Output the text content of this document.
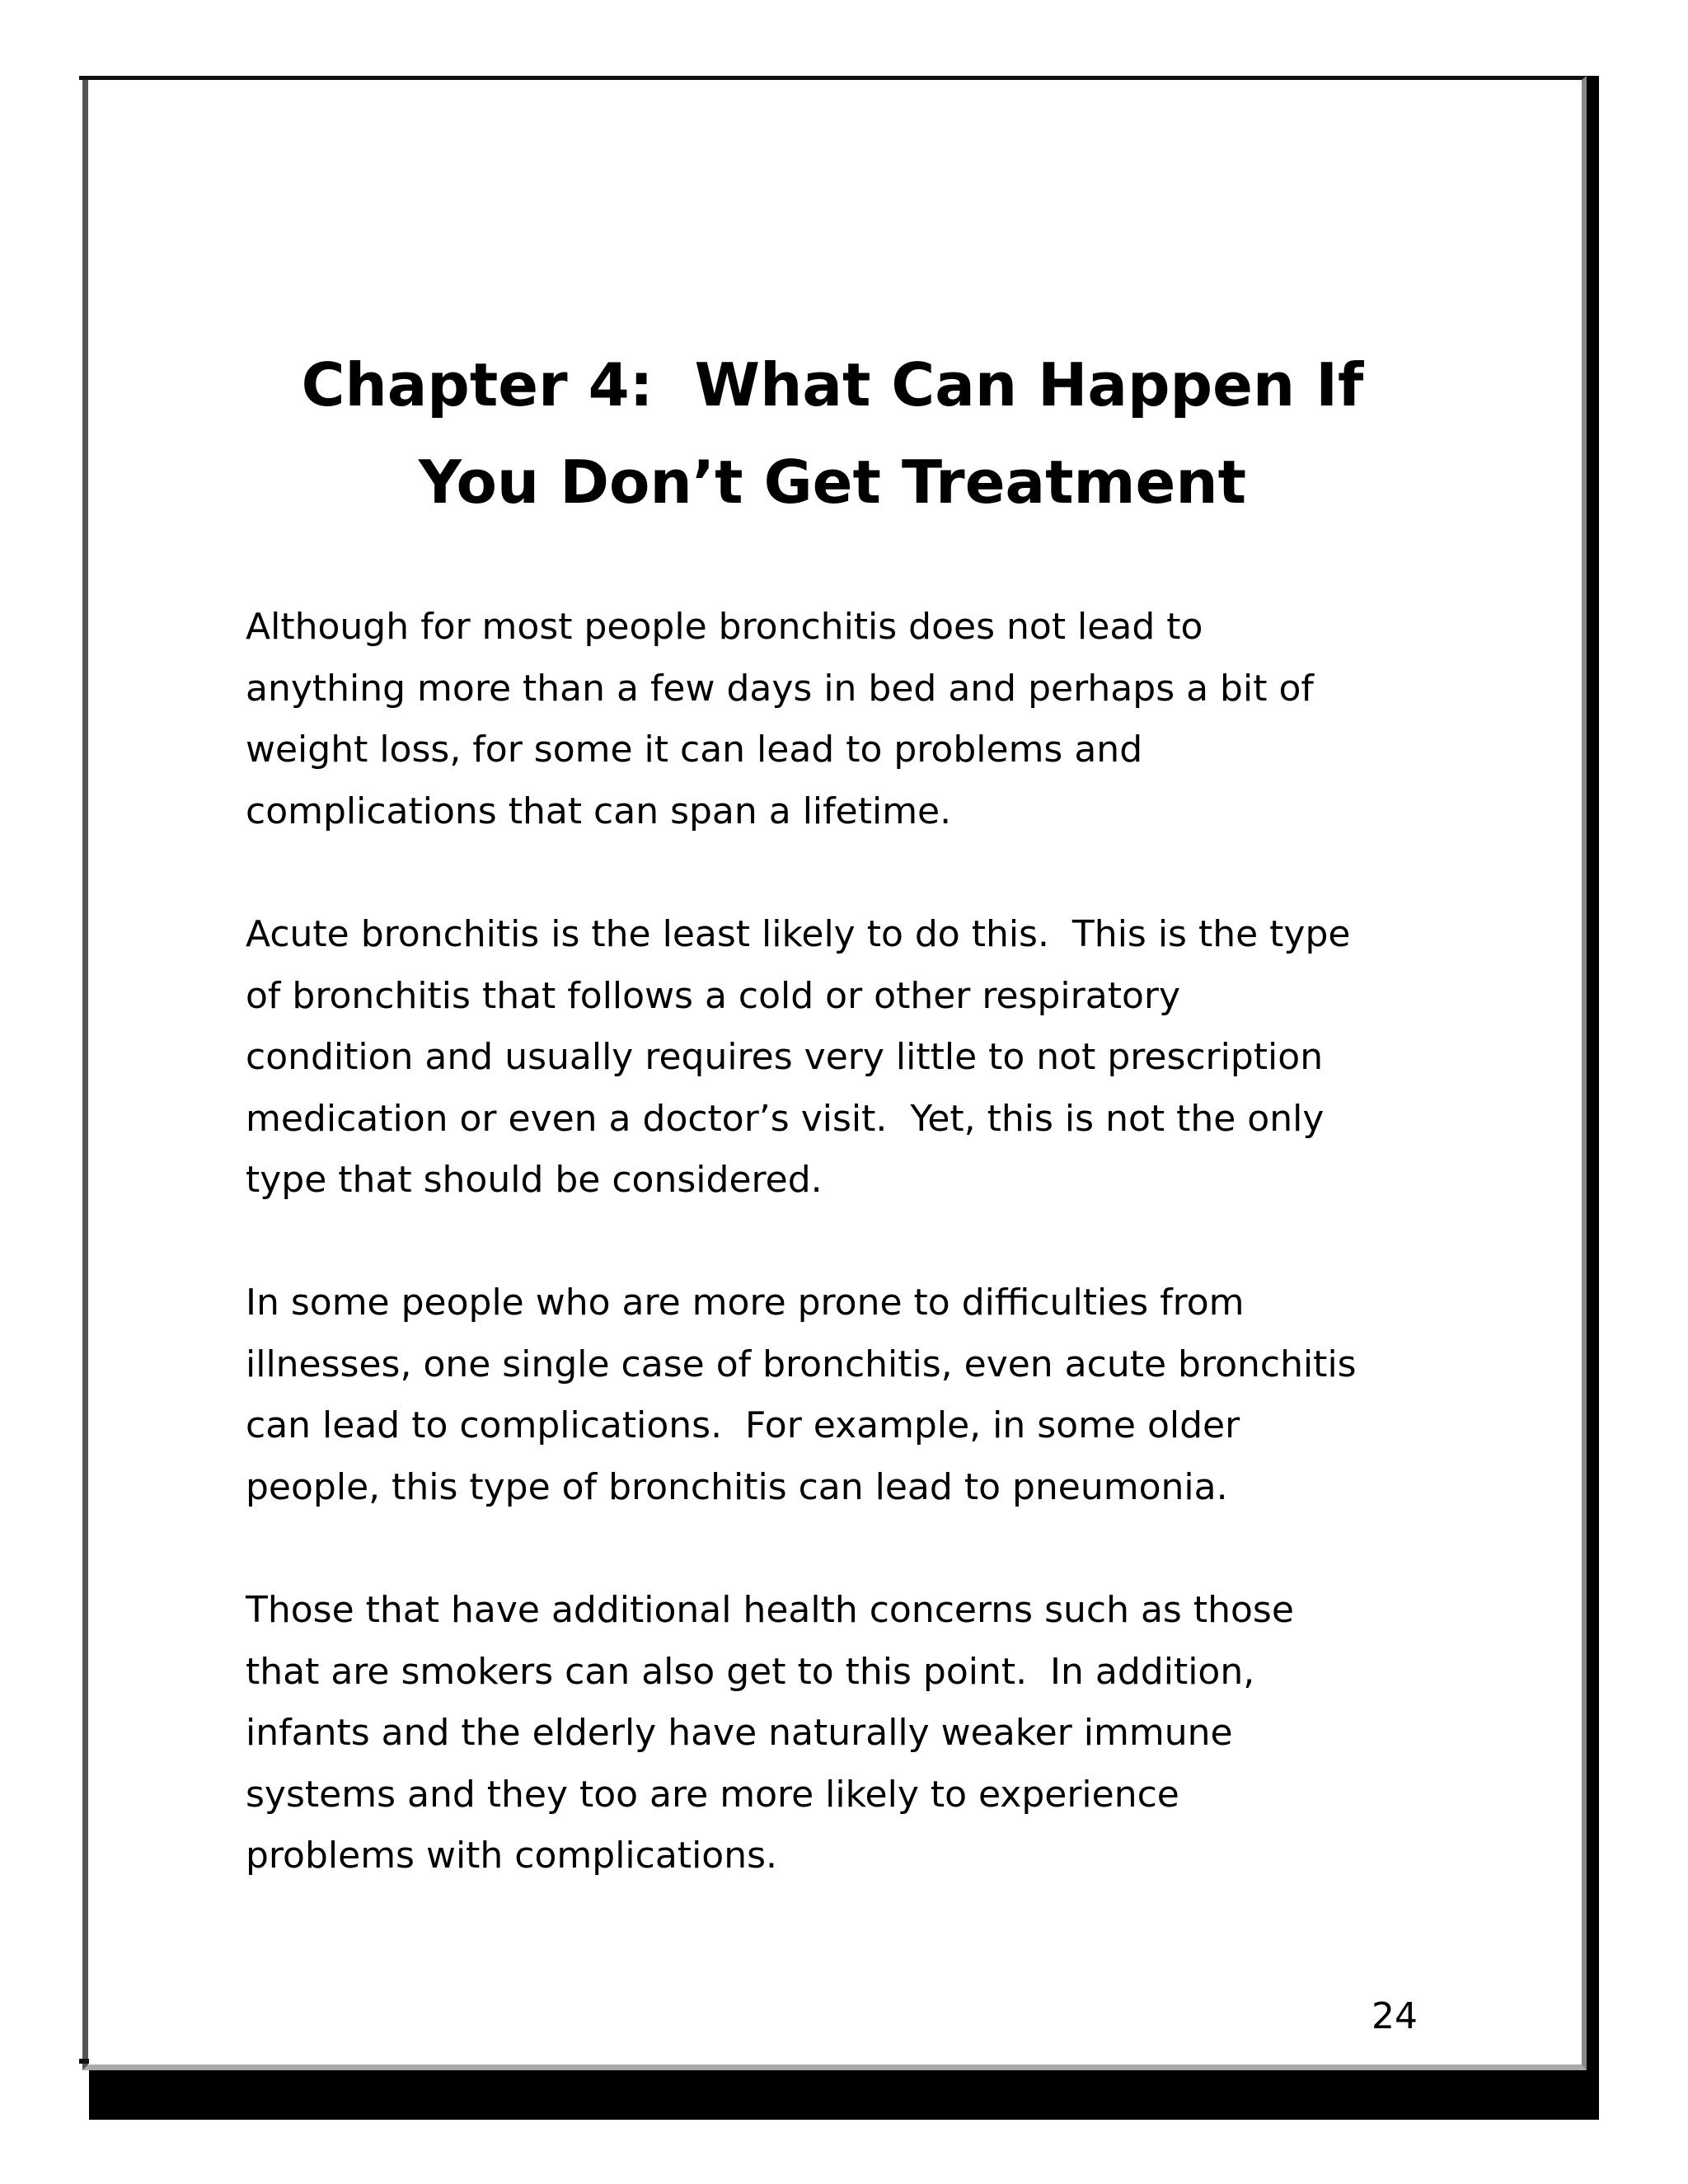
Chapter 4:  What Can Happen If
You Don’t Get Treatment

Although for most people bronchitis does not lead to
anything more than a few days in bed and perhaps a bit of
weight loss, for some it can lead to problems and
complications that can span a lifetime.

Acute bronchitis is the least likely to do this.  This is the type
of bronchitis that follows a cold or other respiratory
condition and usually requires very little to not prescription
medication or even a doctor’s visit.  Yet, this is not the only
type that should be considered.

In some people who are more prone to difficulties from
illnesses, one single case of bronchitis, even acute bronchitis
can lead to complications.  For example, in some older
people, this type of bronchitis can lead to pneumonia.

Those that have additional health concerns such as those
that are smokers can also get to this point.  In addition,
infants and the elderly have naturally weaker immune
systems and they too are more likely to experience
problems with complications.

24
